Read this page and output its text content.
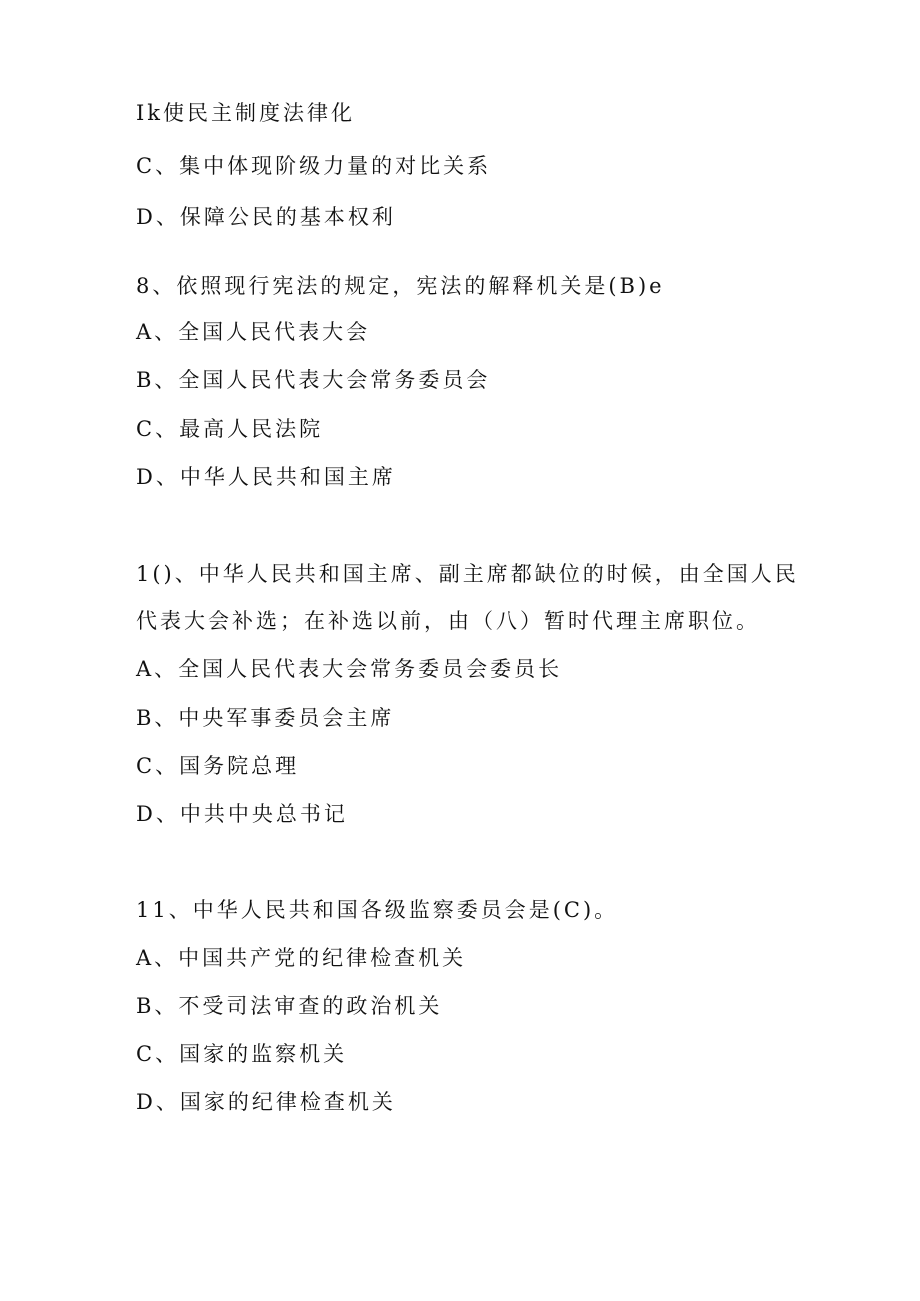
Ik使民主制度法律化
C、集中体现阶级力量的对比关系
D、保障公民的基本权利
8、依照现行宪法的规定，宪法的解释机关是(B)e
A、全国人民代表大会
B、全国人民代表大会常务委员会
C、最高人民法院
D、中华人民共和国主席
1()、中华人民共和国主席、副主席都缺位的时候，由全国人民
代表大会补选；在补选以前，由（八）暂时代理主席职位。
A、全国人民代表大会常务委员会委员长
B、中央军事委员会主席
C、国务院总理
D、中共中央总书记
11、中华人民共和国各级监察委员会是(C)。
A、中国共产党的纪律检查机关
B、不受司法审查的政治机关
C、国家的监察机关
D、国家的纪律检查机关
